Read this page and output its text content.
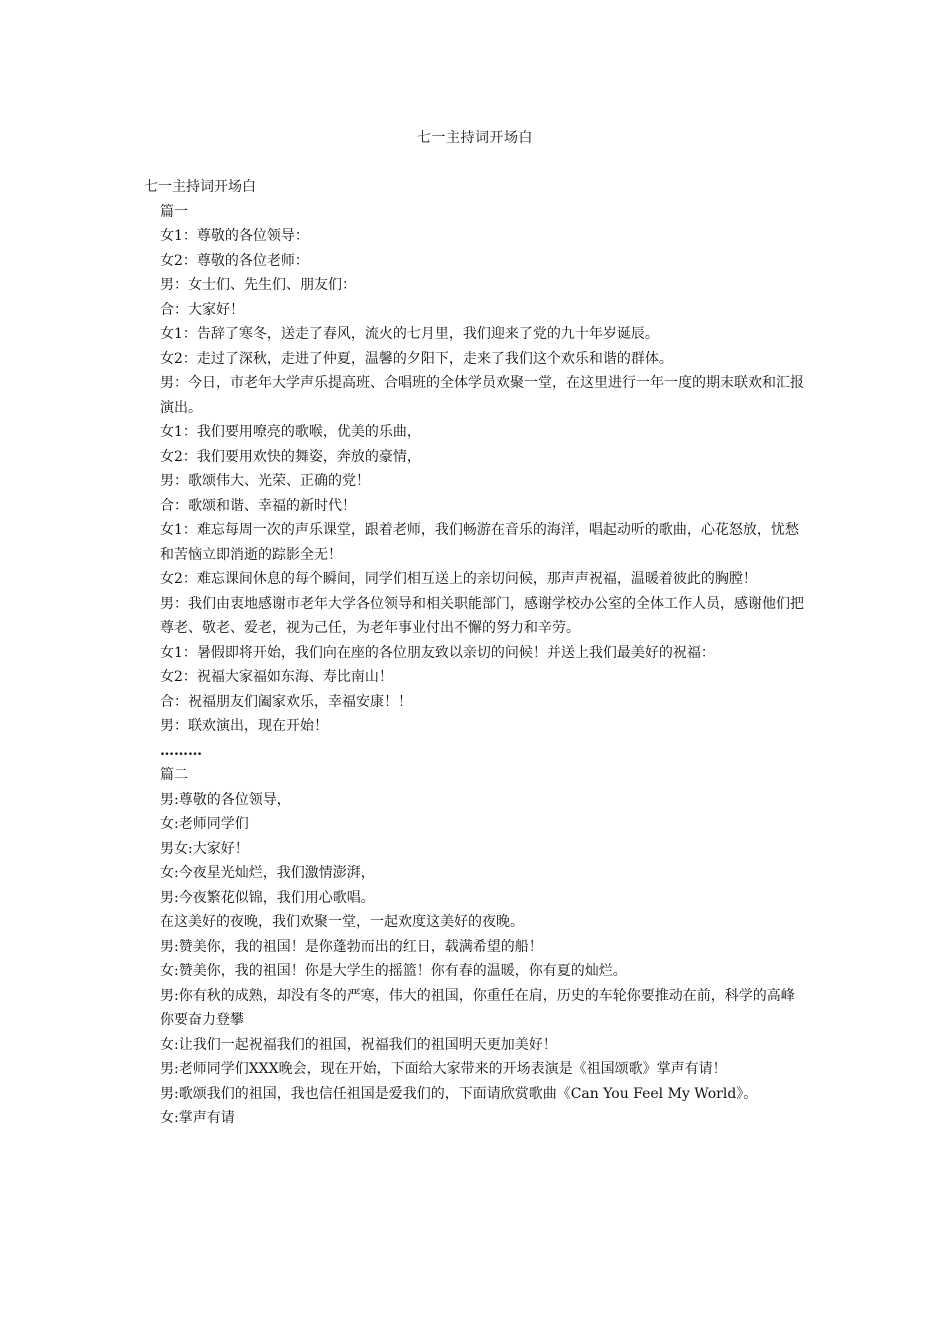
七一主持词开场白
七一主持词开场白
篇一
女1：尊敬的各位领导：
女2：尊敬的各位老师：
男：女士们、先生们、朋友们：
合：大家好！
女1：告辞了寒冬，送走了春风，流火的七月里，我们迎来了党的九十年岁诞辰。
女2：走过了深秋，走进了仲夏，温馨的夕阳下，走来了我们这个欢乐和谐的群体。
男：今日，市老年大学声乐提高班、合唱班的全体学员欢聚一堂，在这里进行一年一度的期末联欢和汇报演出。
女1：我们要用嘹亮的歌喉，优美的乐曲，
女2：我们要用欢快的舞姿，奔放的豪情，
男：歌颂伟大、光荣、正确的党！
合：歌颂和谐、幸福的新时代！
女1：难忘每周一次的声乐课堂，跟着老师，我们畅游在音乐的海洋，唱起动听的歌曲，心花怒放，忧愁和苦恼立即消逝的踪影全无！
女2：难忘课间休息的每个瞬间，同学们相互送上的亲切问候，那声声祝福，温暖着彼此的胸膛！
男：我们由衷地感谢市老年大学各位领导和相关职能部门，感谢学校办公室的全体工作人员，感谢他们把尊老、敬老、爱老，视为己任，为老年事业付出不懈的努力和辛劳。
女1：暑假即将开始，我们向在座的各位朋友致以亲切的问候！并送上我们最美好的祝福：
女2：祝福大家福如东海、寿比南山！
合：祝福朋友们阖家欢乐，幸福安康！！
男：联欢演出，现在开始！
………
篇二
男:尊敬的各位领导，
女:老师同学们
男女:大家好！
女:今夜星光灿烂，我们激情澎湃，
男:今夜繁花似锦，我们用心歌唱。
在这美好的夜晚，我们欢聚一堂，一起欢度这美好的夜晚。
男:赞美你，我的祖国！是你蓬勃而出的红日，载满希望的船！
女:赞美你，我的祖国！你是大学生的摇篮！你有春的温暖，你有夏的灿烂。
男:你有秋的成熟，却没有冬的严寒，伟大的祖国，你重任在肩，历史的车轮你要推动在前，科学的高峰你要奋力登攀
女:让我们一起祝福我们的祖国，祝福我们的祖国明天更加美好！
男:老师同学们XXX晚会，现在开始，下面给大家带来的开场表演是《祖国颂歌》掌声有请！
男:歌颂我们的祖国，我也信任祖国是爱我们的，下面请欣赏歌曲《Can You Feel My World》。
女:掌声有请
